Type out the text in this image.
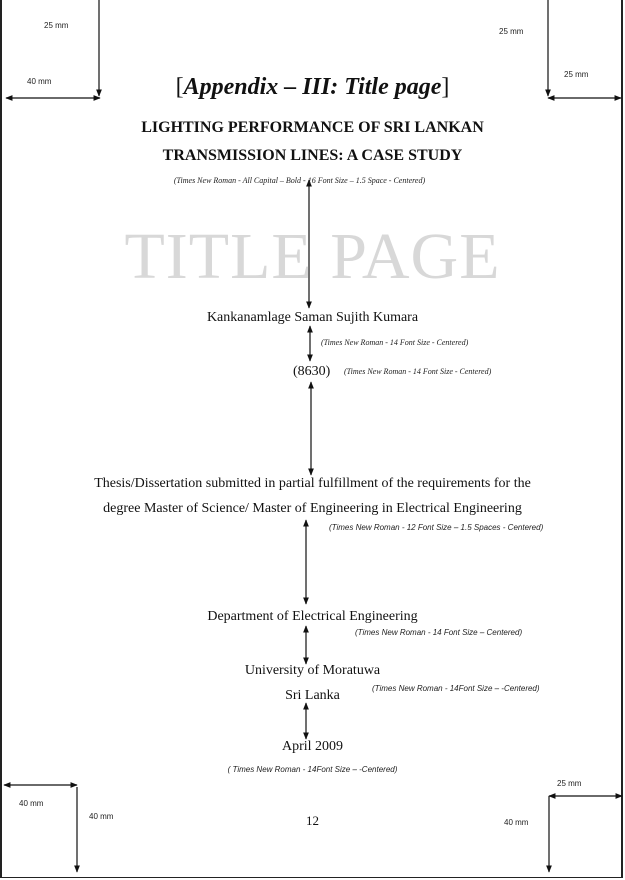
25 mm
40 mm
25 mm
25 mm
40 mm
40 mm
25 mm
40 mm
[Appendix – III: Title page]
LIGHTING PERFORMANCE OF SRI LANKAN
TRANSMISSION LINES: A CASE STUDY
(Times New Roman - All Capital – Bold - 16 Font Size – 1.5 Space - Centered)
TITLE PAGE
Kankanamlage Saman Sujith Kumara
(Times New Roman - 14 Font Size - Centered)
(8630) (Times New Roman - 14 Font Size - Centered)
Thesis/Dissertation submitted in partial fulfillment of the requirements for the
degree Master of Science/ Master of Engineering in Electrical Engineering
(Times New Roman - 12 Font Size – 1.5 Spaces - Centered)
Department of Electrical Engineering
(Times New Roman - 14 Font Size – Centered)
University of Moratuwa
Sri Lanka	(Times New Roman - 14Font Size – -Centered)
April 2009
( Times New Roman - 14Font Size – -Centered)
12
